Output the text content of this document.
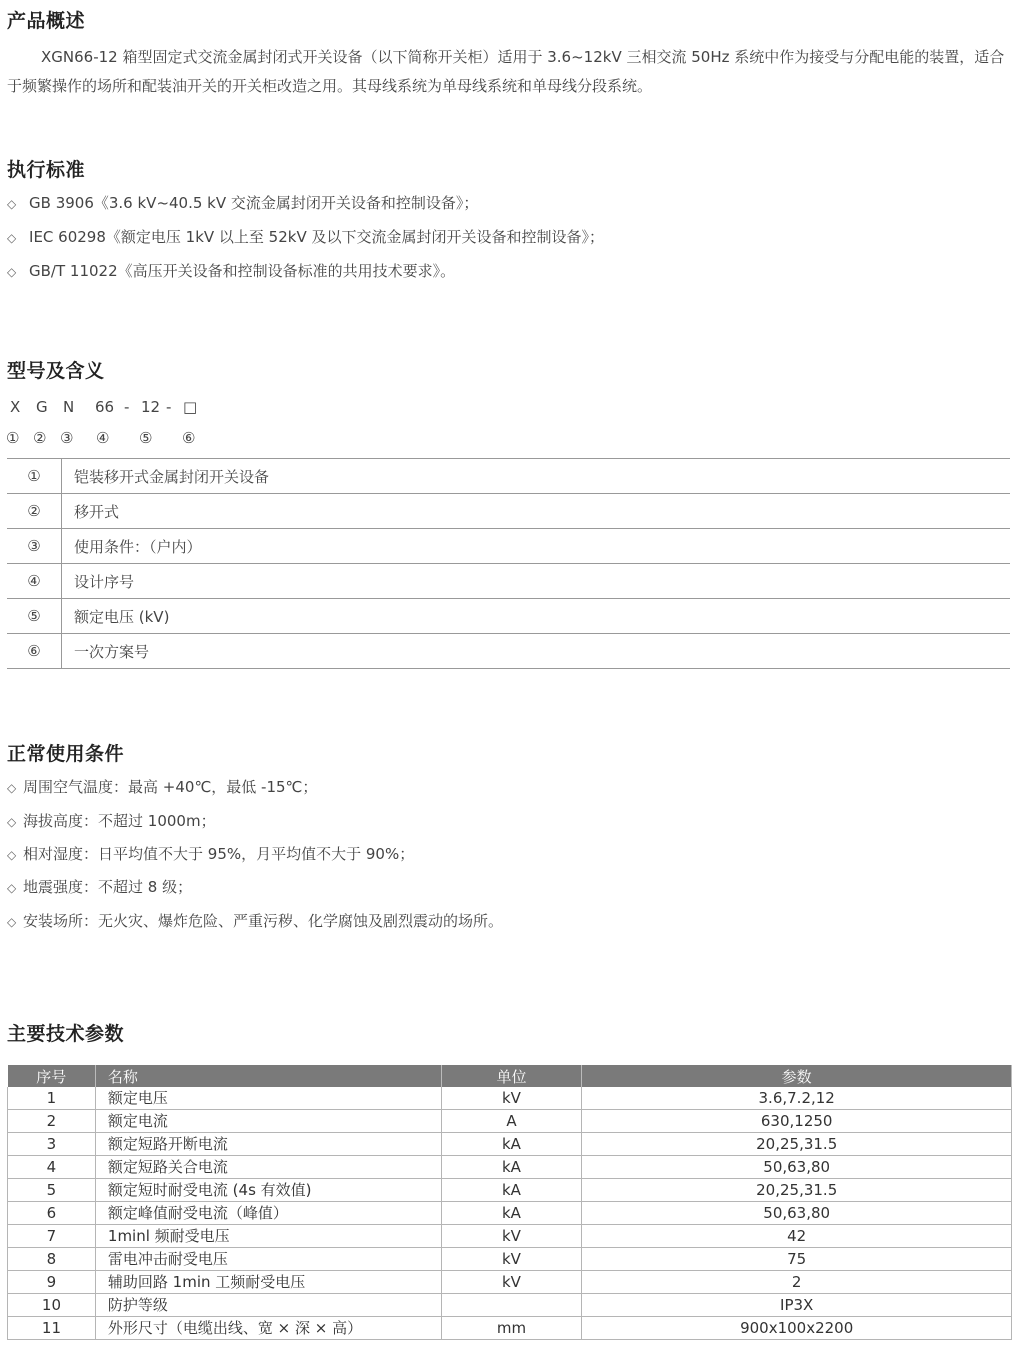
产品概述

XGN66-12 箱型固定式交流金属封闭式开关设备（以下简称开关柜）适用于 3.6~12kV 三相交流 50Hz 系统中作为接受与分配电能的装置，适合于频繁操作的场所和配装油开关的开关柜改造之用。其母线系统为单母线系统和单母线分段系统。

执行标准
◇ GB 3906《3.6 kV~40.5 kV 交流金属封闭开关设备和控制设备》；
◇ IEC 60298《额定电压 1kV 以上至 52kV 及以下交流金属封闭开关设备和控制设备》；
◇ GB/T 11022《高压开关设备和控制设备标准的共用技术要求》。
型号及含义
X G N 66 - 12 - □
① ② ③ ④ ⑤ ⑥
①	铠装移开式金属封闭开关设备
②	移开式
③	使用条件：（户内）
④	设计序号
⑤	额定电压 (kV)
⑥	一次方案号
正常使用条件
◇ 周围空气温度：最高 +40℃，最低 -15℃；
◇ 海拔高度：不超过 1000m；
◇ 相对湿度：日平均值不大于 95%，月平均值不大于 90%；
◇ 地震强度：不超过 8 级；
◇ 安装场所：无火灾、爆炸危险、严重污秽、化学腐蚀及剧烈震动的场所。
主要技术参数
序号	名称	单位	参数
1	额定电压	kV	3.6,7.2,12
2	额定电流	A	630,1250
3	额定短路开断电流	kA	20,25,31.5
4	额定短路关合电流	kA	50,63,80
5	额定短时耐受电流 (4s 有效值)	kA	20,25,31.5
6	额定峰值耐受电流（峰值）	kA	50,63,80
7	1minl 频耐受电压	kV	42
8	雷电冲击耐受电压	kV	75
9	辅助回路 1min 工频耐受电压	kV	2
10	防护等级		IP3X
11	外形尺寸（电缆出线、宽 × 深 × 高）	mm	900x100x2200
